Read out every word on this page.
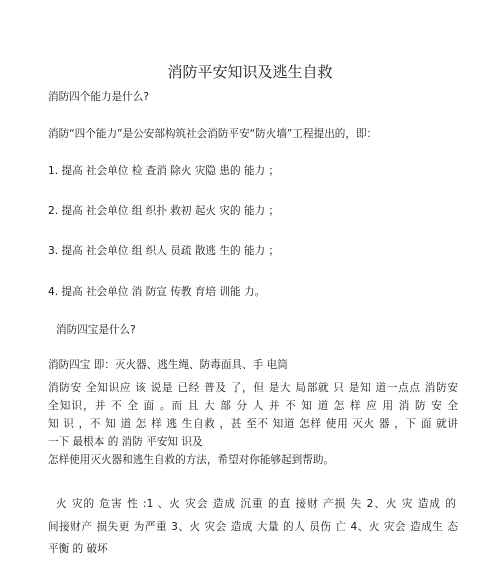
消防平安知识及逃生自救

消防四个能力是什么?

消防“四个能力”是公安部构筑社会消防平安“防火墙”工程提出的，即：

1. 提高 社会单位 检 查消 除火 灾隐 患的 能力 ；

2. 提高 社会单位 组 织扑 救初 起火 灾的 能力 ；

3. 提高 社会单位 组 织人 员疏 散逃 生的 能力 ；

4. 提高 社会单位 消 防宣 传教 育培 训能 力。

消防四宝是什么?

消防四宝 即：灭火器、逃生绳、防毒面具、手 电筒

消防安 全知识应 该 说是 已经 普及 了，但 是大 局部就 只 是知 道一点点 消防安
全知识，并 不 全 面 。而 且 大 部 分 人 并 不 知 道 怎 样 应 用 消 防 安 全
知 识 ，不 知 道 怎 样 逃 生自救 ，甚 至不 知道 怎样 使用 灭火 器 ，下 面 就讲
一下 最根本 的 消防 平安知 识及
怎样使用灭火器和逃生自救的方法，希望对你能够起到帮助。
火 灾的 危害 性 :1 、火 灾会 造成 沉重 的直 接财 产损 失 2、火 灾 造成 的
间接财产 损失更 为严重 3、火 灾会 造成 大量 的人 员伤 亡 4、火 灾会 造成生 态
平衡 的 破坏
